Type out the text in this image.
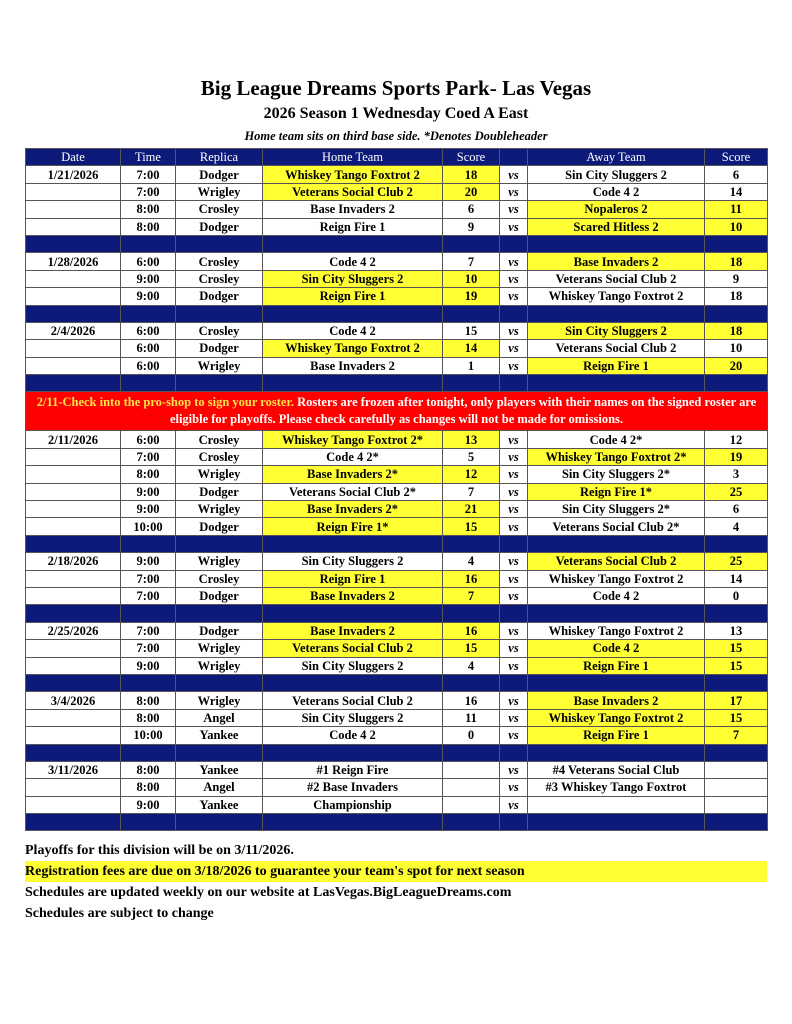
Big League Dreams Sports Park- Las Vegas
2026 Season 1 Wednesday Coed A East
Home team sits on third base side. *Denotes Doubleheader
Date	Time	Replica	Home Team	Score		Away Team	Score
1/21/2026	7:00	Dodger	Whiskey Tango Foxtrot 2	18	vs	Sin City Sluggers 2	6
	7:00	Wrigley	Veterans Social Club 2	20	vs	Code 4 2	14
	8:00	Crosley	Base Invaders 2	6	vs	Nopaleros 2	11
	8:00	Dodger	Reign Fire 1	9	vs	Scared Hitless 2	10

1/28/2026	6:00	Crosley	Code 4 2	7	vs	Base Invaders 2	18
	9:00	Crosley	Sin City Sluggers 2	10	vs	Veterans Social Club 2	9
	9:00	Dodger	Reign Fire 1	19	vs	Whiskey Tango Foxtrot 2	18

2/4/2026	6:00	Crosley	Code 4 2	15	vs	Sin City Sluggers 2	18
	6:00	Dodger	Whiskey Tango Foxtrot 2	14	vs	Veterans Social Club 2	10
	6:00	Wrigley	Base Invaders 2	1	vs	Reign Fire 1	20

2/11-Check into the pro-shop to sign your roster. Rosters are frozen after tonight, only players with their names on the signed roster are eligible for playoffs. Please check carefully as changes will not be made for omissions.							
2/11/2026	6:00	Crosley	Whiskey Tango Foxtrot 2*	13	vs	Code 4 2*	12
	7:00	Crosley	Code 4 2*	5	vs	Whiskey Tango Foxtrot 2*	19
	8:00	Wrigley	Base Invaders 2*	12	vs	Sin City Sluggers 2*	3
	9:00	Dodger	Veterans Social Club 2*	7	vs	Reign Fire 1*	25
	9:00	Wrigley	Base Invaders 2*	21	vs	Sin City Sluggers 2*	6
	10:00	Dodger	Reign Fire 1*	15	vs	Veterans Social Club 2*	4

2/18/2026	9:00	Wrigley	Sin City Sluggers 2	4	vs	Veterans Social Club 2	25
	7:00	Crosley	Reign Fire 1	16	vs	Whiskey Tango Foxtrot 2	14
	7:00	Dodger	Base Invaders 2	7	vs	Code 4 2	0

2/25/2026	7:00	Dodger	Base Invaders 2	16	vs	Whiskey Tango Foxtrot 2	13
	7:00	Wrigley	Veterans Social Club 2	15	vs	Code 4 2	15
	9:00	Wrigley	Sin City Sluggers 2	4	vs	Reign Fire 1	15

3/4/2026	8:00	Wrigley	Veterans Social Club 2	16	vs	Base Invaders 2	17
	8:00	Angel	Sin City Sluggers 2	11	vs	Whiskey Tango Foxtrot 2	15
	10:00	Yankee	Code 4 2	0	vs	Reign Fire 1	7

3/11/2026	8:00	Yankee	#1 Reign Fire		vs	#4 Veterans Social Club	
	8:00	Angel	#2 Base Invaders		vs	#3 Whiskey Tango Foxtrot	
	9:00	Yankee	Championship		vs		

Playoffs for this division will be on 3/11/2026.
Registration fees are due on 3/18/2026 to guarantee your team's spot for next season
Schedules are updated weekly on our website at LasVegas.BigLeagueDreams.com
Schedules are subject to change
